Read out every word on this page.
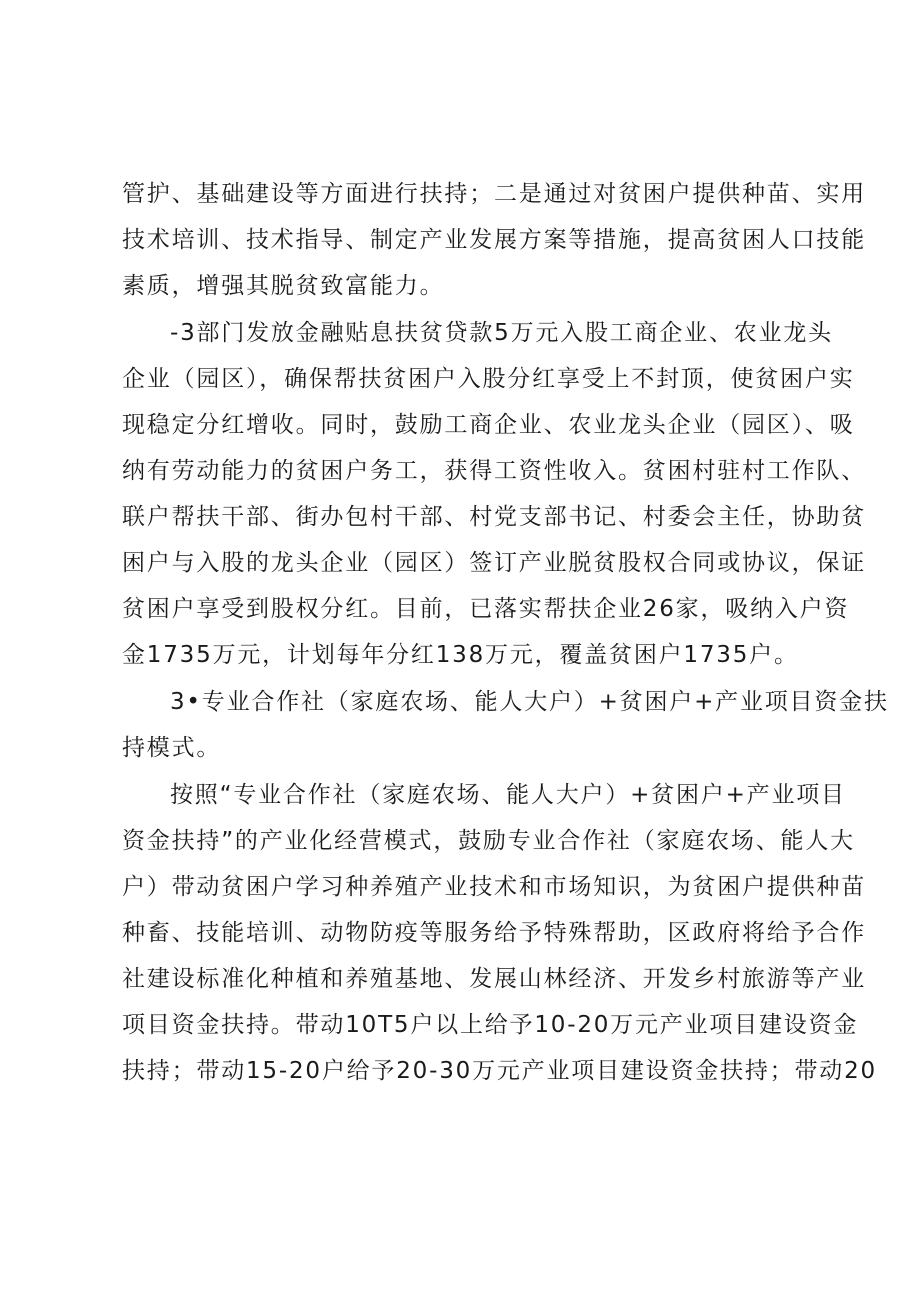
管护、基础建设等方面进行扶持；二是通过对贫困户提供种苗、实用
技术培训、技术指导、制定产业发展方案等措施，提高贫困人口技能
素质，增强其脱贫致富能力。
-3部门发放金融贴息扶贫贷款5万元入股工商企业、农业龙头
企业（园区），确保帮扶贫困户入股分红享受上不封顶，使贫困户实
现稳定分红增收。同时，鼓励工商企业、农业龙头企业（园区）、吸
纳有劳动能力的贫困户务工，获得工资性收入。贫困村驻村工作队、
联户帮扶干部、街办包村干部、村党支部书记、村委会主任，协助贫
困户与入股的龙头企业（园区）签订产业脱贫股权合同或协议，保证
贫困户享受到股权分红。目前，已落实帮扶企业26家，吸纳入户资
金1735万元，计划每年分红138万元，覆盖贫困户1735户。
3•专业合作社（家庭农场、能人大户）+贫困户+产业项目资金扶
持模式。
按照“专业合作社（家庭农场、能人大户）+贫困户+产业项目
资金扶持”的产业化经营模式，鼓励专业合作社（家庭农场、能人大
户）带动贫困户学习种养殖产业技术和市场知识，为贫困户提供种苗
种畜、技能培训、动物防疫等服务给予特殊帮助，区政府将给予合作
社建设标准化种植和养殖基地、发展山林经济、开发乡村旅游等产业
项目资金扶持。带动10T5户以上给予10-20万元产业项目建设资金
扶持；带动15-20户给予20-30万元产业项目建设资金扶持；带动20
